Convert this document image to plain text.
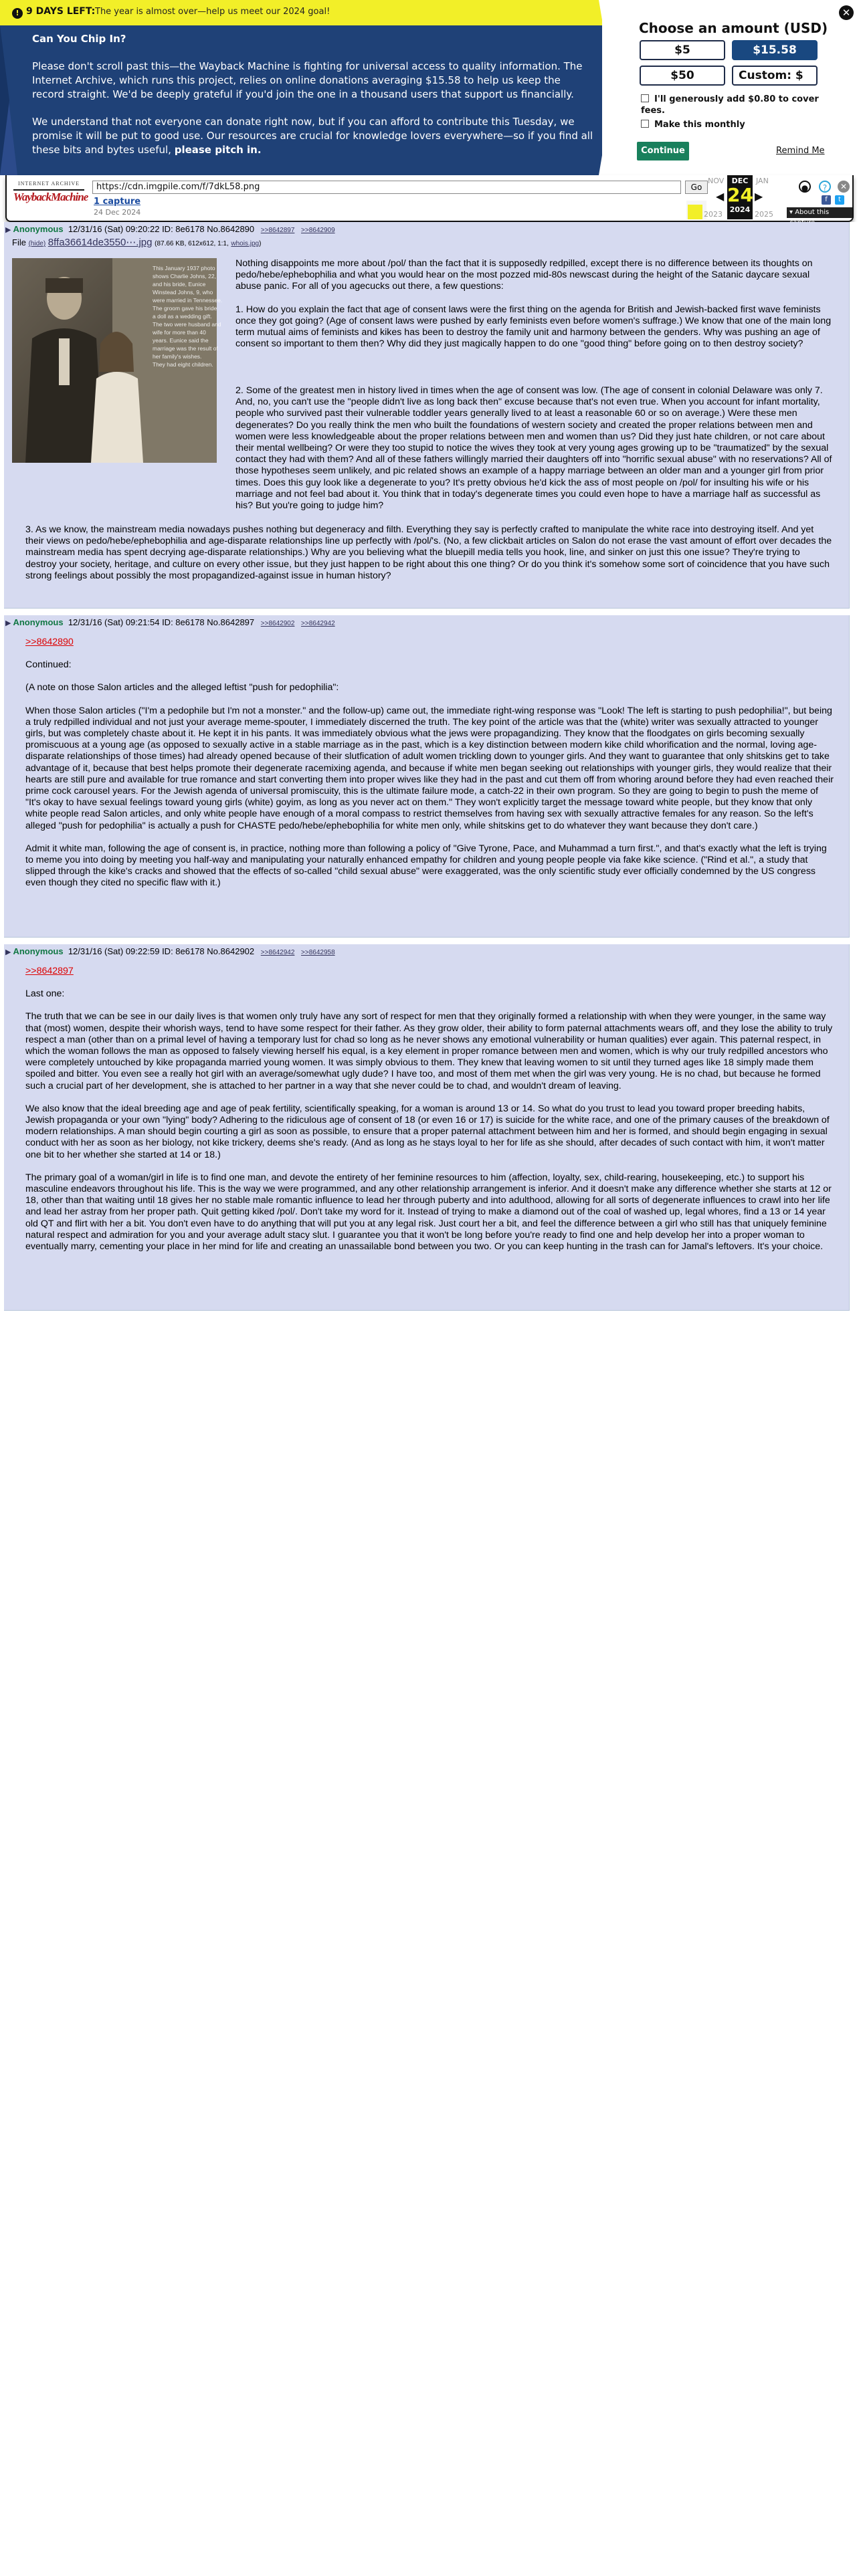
! 9 DAYS LEFT: The year is almost over—help us meet our 2024 goal!
Can You Chip In?

Please don't scroll past this—the Wayback Machine is fighting for universal access to quality information. The Internet Archive, which runs this project, relies on online donations averaging $15.58 to help us keep the record straight. We'd be deeply grateful if you'd join the one in a thousand users that support us financially.

We understand that not everyone can donate right now, but if you can afford to contribute this Tuesday, we promise it will be put to good use. Our resources are crucial for knowledge lovers everywhere—so if you find all these bits and bytes useful, please pitch in.

Choose an amount (USD)
$5	$15.58
$50	Custom: $
I'll generously add $0.80 to cover fees.
Make this monthly
Continue	Remind Me
✕
INTERNET ARCHIVE
WaybackMachine
https://cdn.imgpile.com/f/7dkL58.png	Go
1 capture
24 Dec 2024
NOV	DEC
24
2024
JAN
2023	2025
◀	▶
●	?	✕
f	t
▾ About this
▶ Anonymous 12/31/16 (Sat) 09:20:22 ID: 8e6178 No.8642890 >>8642897 >>8642909
File (hide) 8ffa36614de3550⋯.jpg (87.66 KB, 612x612, 1:1, whois.jpg)
This January 1937 photo
shows Charlie Johns, 22,
and his bride, Eunice
Winstead Johns, 9, who
were married in Tennessee.
The groom gave his bride
a doll as a wedding gift.
The two were husband and
wife for more than 40
years. Eunice said the
marriage was the result of
her family's wishes.
They had eight children.

Nothing disappoints me more about /pol/ than the fact that it is supposedly redpilled, except there is no difference between its thoughts on pedo/hebe/ephebophilia and what you would hear on the most pozzed mid-80s newscast during the height of the Satanic daycare sexual abuse panic. For all of you agecucks out there, a few questions:

1. How do you explain the fact that age of consent laws were the first thing on the agenda for British and Jewish-backed first wave feminists once they got going? (Age of consent laws were pushed by early feminists even before women's suffrage.) We know that one of the main long term mutual aims of feminists and kikes has been to destroy the family unit and harmony between the genders. Why was pushing an age of consent so important to them then? Why did they just magically happen to do one "good thing" before going on to then destroy society?

2. Some of the greatest men in history lived in times when the age of consent was low. (The age of consent in colonial Delaware was only 7. And, no, you can't use the "people didn't live as long back then" excuse because that's not even true. When you account for infant mortality, people who survived past their vulnerable toddler years generally lived to at least a reasonable 60 or so on average.) Were these men degenerates? Do you really think the men who built the foundations of western society and created the proper relations between men and women were less knowledgeable about the proper relations between men and women than us? Did they just hate children, or not care about their mental wellbeing? Or were they too stupid to notice the wives they took at very young ages growing up to be "traumatized" by the sexual contact they had with them? And all of these fathers willingly married their daughters off into "horrific sexual abuse" with no reservations? All of those hypotheses seem unlikely, and pic related shows an example of a happy marriage between an older man and a younger girl from prior times. Does this guy look like a degenerate to you? It's pretty obvious he'd kick the ass of most people on /pol/ for insulting his wife or his marriage and not feel bad about it. You think that in today's degenerate times you could even hope to have a marriage half as successful as his? But you're going to judge him?

3. As we know, the mainstream media nowadays pushes nothing but degeneracy and filth. Everything they say is perfectly crafted to manipulate the white race into destroying itself. And yet their views on pedo/hebe/ephebophilia and age-disparate relationships line up perfectly with /pol/'s. (No, a few clickbait articles on Salon do not erase the vast amount of effort over decades the mainstream media has spent decrying age-disparate relationships.) Why are you believing what the bluepill media tells you hook, line, and sinker on just this one issue? They're trying to destroy your society, heritage, and culture on every other issue, but they just happen to be right about this one thing? Or do you think it's somehow some sort of coincidence that you have such strong feelings about possibly the most propagandized-against issue in human history?

▶ Anonymous 12/31/16 (Sat) 09:21:54 ID: 8e6178 No.8642897 >>8642902 >>8642942

>>8642890

Continued:

(A note on those Salon articles and the alleged leftist "push for pedophilia":

When those Salon articles ("I'm a pedophile but I'm not a monster." and the follow-up) came out, the immediate right-wing response was "Look! The left is starting to push pedophilia!", but being a truly redpilled individual and not just your average meme-spouter, I immediately discerned the truth. The key point of the article was that the (white) writer was sexually attracted to younger girls, but was completely chaste about it. He kept it in his pants. It was immediately obvious what the jews were propagandizing. They know that the floodgates on girls becoming sexually promiscuous at a young age (as opposed to sexually active in a stable marriage as in the past, which is a key distinction between modern kike child whorification and the normal, loving age-disparate relationships of those times) had already opened because of their slutfication of adult women trickling down to younger girls. And they want to guarantee that only shitskins get to take advantage of it, because that best helps promote their degenerate racemixing agenda, and because if white men began seeking out relationships with younger girls, they would realize that their hearts are still pure and available for true romance and start converting them into proper wives like they had in the past and cut them off from whoring around before they had even reached their prime cock carousel years. For the Jewish agenda of universal promiscuity, this is the ultimate failure mode, a catch-22 in their own program. So they are going to begin to push the meme of "It's okay to have sexual feelings toward young girls (white) goyim, as long as you never act on them." They won't explicitly target the message toward white people, but they know that only white people read Salon articles, and only white people have enough of a moral compass to restrict themselves from having sex with sexually attractive females for any reason. So the left's alleged "push for pedophilia" is actually a push for CHASTE pedo/hebe/ephebophilia for white men only, while shitskins get to do whatever they want because they don't care.)

Admit it white man, following the age of consent is, in practice, nothing more than following a policy of "Give Tyrone, Pace, and Muhammad a turn first.", and that's exactly what the left is trying to meme you into doing by meeting you half-way and manipulating your naturally enhanced empathy for children and young people people via fake kike science. ("Rind et al.", a study that slipped through the kike's cracks and showed that the effects of so-called "child sexual abuse" were exaggerated, was the only scientific study ever officially condemned by the US congress even though they cited no specific flaw with it.)

▶ Anonymous 12/31/16 (Sat) 09:22:59 ID: 8e6178 No.8642902 >>8642942 >>8642958

>>8642897

Last one:

The truth that we can be see in our daily lives is that women only truly have any sort of respect for men that they originally formed a relationship with when they were younger, in the same way that (most) women, despite their whorish ways, tend to have some respect for their father. As they grow older, their ability to form paternal attachments wears off, and they lose the ability to truly respect a man (other than on a primal level of having a temporary lust for chad so long as he never shows any emotional vulnerability or human qualities) ever again. This paternal respect, in which the woman follows the man as opposed to falsely viewing herself his equal, is a key element in proper romance between men and women, which is why our truly redpilled ancestors who were completely untouched by kike propaganda married young women. It was simply obvious to them. They knew that leaving women to sit until they turned ages like 18 simply made them spoiled and bitter. You even see a really hot girl with an average/somewhat ugly dude? I have too, and most of them met when the girl was very young. He is no chad, but because he formed such a crucial part of her development, she is attached to her partner in a way that she never could be to chad, and wouldn't dream of leaving.

We also know that the ideal breeding age and age of peak fertility, scientifically speaking, for a woman is around 13 or 14. So what do you trust to lead you toward proper breeding habits, Jewish propaganda or your own "lying" body? Adhering to the ridiculous age of consent of 18 (or even 16 or 17) is suicide for the white race, and one of the primary causes of the breakdown of modern relationships. A man should begin courting a girl as soon as possible, to ensure that a proper paternal attachment between him and her is formed, and should begin engaging in sexual conduct with her as soon as her biology, not kike trickery, deems she's ready. (And as long as he stays loyal to her for life as she should, after decades of such contact with him, it won't matter one bit to her whether she started at 14 or 18.)

The primary goal of a woman/girl in life is to find one man, and devote the entirety of her feminine resources to him (affection, loyalty, sex, child-rearing, housekeeping, etc.) to support his masculine endeavors throughout his life. This is the way we were programmed, and any other relationship arrangement is inferior. And it doesn't make any difference whether she starts at 12 or 18, other than that waiting until 18 gives her no stable male romantic influence to lead her through puberty and into adulthood, allowing for all sorts of degenerate influences to crawl into her life and lead her astray from her proper path. Quit getting kiked /pol/. Don't take my word for it. Instead of trying to make a diamond out of the coal of washed up, legal whores, find a 13 or 14 year old QT and flirt with her a bit. You don't even have to do anything that will put you at any legal risk. Just court her a bit, and feel the difference between a girl who still has that uniquely feminine natural respect and admiration for you and your average adult stacy slut. I guarantee you that it won't be long before you're ready to find one and help develop her into a proper woman to eventually marry, cementing your place in her mind for life and creating an unassailable bond between you two. Or you can keep hunting in the trash can for Jamal's leftovers. It's your choice.
